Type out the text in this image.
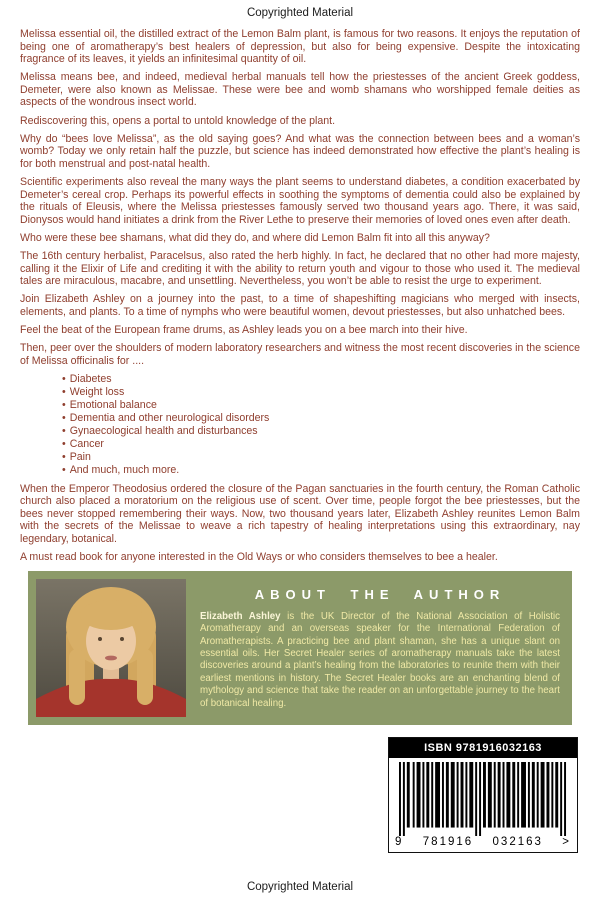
Copyrighted Material

Melissa essential oil, the distilled extract of the Lemon Balm plant, is famous for two reasons. It enjoys the reputation of being one of aromatherapy’s best healers of depression, but also for being expensive. Despite the intoxicating fragrance of its leaves, it yields an infinitesimal quantity of oil.

Melissa means bee, and indeed, medieval herbal manuals tell how the priestesses of the ancient Greek goddess, Demeter, were also known as Melissae. These were bee and womb shamans who worshipped female deities as aspects of the wondrous insect world.

Rediscovering this, opens a portal to untold knowledge of the plant.

Why do “bees love Melissa”, as the old saying goes? And what was the connection between bees and a woman’s womb? Today we only retain half the puzzle, but science has indeed demonstrated how effective the plant’s healing is for both menstrual and post-natal health.

Scientific experiments also reveal the many ways the plant seems to understand diabetes, a condition exacerbated by Demeter’s cereal crop. Perhaps its powerful effects in soothing the symptoms of dementia could also be explained by the rituals of Eleusis, where the Melissa priestesses famously served two thousand years ago. There, it was said, Dionysos would hand initiates a drink from the River Lethe to preserve their memories of loved ones even after death.

Who were these bee shamans, what did they do, and where did Lemon Balm fit into all this anyway?

The 16th century herbalist, Paracelsus, also rated the herb highly. In fact, he declared that no other had more majesty, calling it the Elixir of Life and crediting it with the ability to return youth and vigour to those who used it. The medieval tales are miraculous, macabre, and unsettling. Nevertheless, you won’t be able to resist the urge to experiment.

Join Elizabeth Ashley on a journey into the past, to a time of shapeshifting magicians who merged with insects, elements, and plants. To a time of nymphs who were beautiful women, devout priestesses, but also unhatched bees.

Feel the beat of the European frame drums, as Ashley leads you on a bee march into their hive.

Then, peer over the shoulders of modern laboratory researchers and witness the most recent discoveries in the science of Melissa officinalis for ....

• Diabetes
• Weight loss
• Emotional balance
• Dementia and other neurological disorders
• Gynaecological health and disturbances
• Cancer
• Pain
• And much, much more.

When the Emperor Theodosius ordered the closure of the Pagan sanctuaries in the fourth century, the Roman Catholic church also placed a moratorium on the religious use of scent. Over time, people forgot the bee priestesses, but the bees never stopped remembering their ways. Now, two thousand years later, Elizabeth Ashley reunites Lemon Balm with the secrets of the Melissae to weave a rich tapestry of healing interpretations using this extraordinary, nay legendary, botanical.

A must read book for anyone interested in the Old Ways or who considers themselves to bee a healer.

ABOUT THE AUTHOR

Elizabeth Ashley is the UK Director of the National Association of Holistic Aromatherapy and an overseas speaker for the International Federation of Aromatherapists. A practicing bee and plant shaman, she has a unique slant on essential oils. Her Secret Healer series of aromatherapy manuals take the latest discoveries around a plant’s healing from the laboratories to reunite them with their earliest mentions in history. The Secret Healer books are an enchanting blend of mythology and science that take the reader on an unforgettable journey to the heart of botanical healing.

ISBN 9781916032163
9 781916 032163 >
Copyrighted Material
